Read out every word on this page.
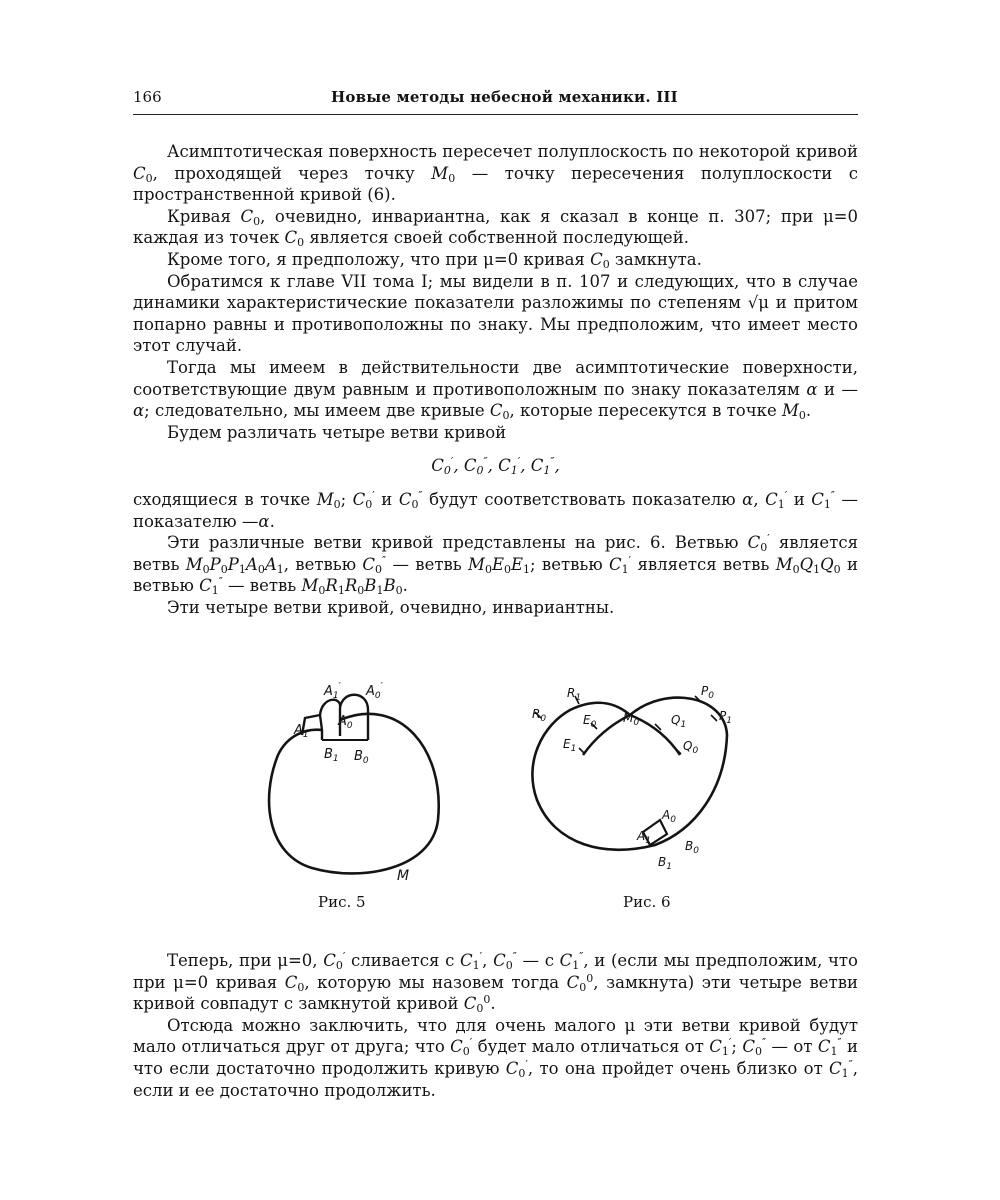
166	Новые методы небесной механики. III

Асимптотическая поверхность пересечет полуплоскость по некоторой кривой $C_0$, проходящей через точку $M_0$ — точку пересечения полуплоскости с пространственной кривой (6).

Кривая $C_0$, очевидно, инвариантна, как я сказал в конце п. 307; при μ=0 каждая из точек $C_0$ является своей собственной последующей.

Кроме того, я предположу, что при μ=0 кривая $C_0$ замкнута.

Обратимся к главе VII тома I; мы видели в п. 107 и следующих, что в случае динамики характеристические показатели разложимы по степеням √μ и притом попарно равны и противоположны по знаку. Мы предположим, что имеет место этот случай.

Тогда мы имеем в действительности две асимптотические поверхности, соответствующие двум равным и противоположным по знаку показателям α и —α; следовательно, мы имеем две кривые $C_0$, которые пересекутся в точке $M_0$.

Будем различать четыре ветви кривой

$C_0'$, $C_0''$, $C_1'$, $C_1''$,

сходящиеся в точке $M_0$; $C_0'$ и $C_0''$ будут соответствовать показателю α, $C_1'$ и $C_1''$ — показателю —α.

Эти различные ветви кривой представлены на рис. 6. Ветвью $C_0'$ является ветвь $M_0P_0P_1A_0A_1$, ветвью $C_0''$ — ветвь $M_0E_0E_1$; ветвью $C_1'$ является ветвь $M_0Q_1Q_0$ и ветвью $C_1''$ — ветвь $M_0R_1R_0B_1B_0$.

Эти четыре ветви кривой, очевидно, инвариантны.

$A_1'$ $A_0'$
$A_0$
$A_1$
$B_1$ $B_0$
M
Рис. 5
$R_1$
$R_0$	$E_0$ $M_0$	$Q_1$
$P_0$
$P_1$
$E_1$	$Q_0$
$A_0$
$A_1$	$B_0$
$B_1$
Рис. 6

Теперь, при μ=0, $C_0'$ сливается с $C_1'$, $C_0''$ — с $C_1''$, и (если мы предположим, что при μ=0 кривая $C_0$, которую мы назовем тогда $C_0^0$, замкнута) эти четыре ветви кривой совпадут с замкнутой кривой $C_0^0$.

Отсюда можно заключить, что для очень малого μ эти ветви кривой будут мало отличаться друг от друга; что $C_0'$ будет мало отличаться от $C_1'$; $C_0''$ — от $C_1''$ и что если достаточно продолжить кривую $C_0'$, то она пройдет очень близко от $C_1''$, если и ее достаточно продолжить.
